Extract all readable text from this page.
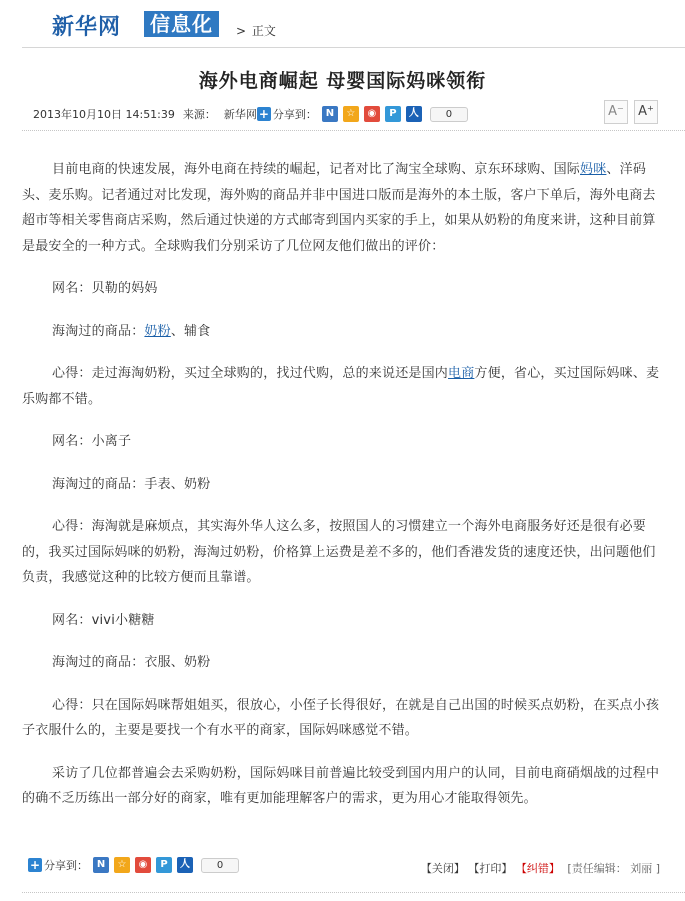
新华网	信息化	> 正文
海外电商崛起 母婴国际妈咪领衔
2013年10月10日 14:51:39 来源： 新华网 + 分享到： N	☆	◉	P	人	0	A⁻	A⁺

目前电商的快速发展，海外电商在持续的崛起，记者对比了淘宝全球购、京东环球购、国际妈咪、洋码头、麦乐购。记者通过对比发现，海外购的商品并非中国进口版而是海外的本土版，客户下单后，海外电商去超市等相关零售商店采购，然后通过快递的方式邮寄到国内买家的手上，如果从奶粉的角度来讲，这种目前算是最安全的一种方式。全球购我们分别采访了几位网友他们做出的评价：

网名：贝勒的妈妈

海淘过的商品：奶粉、辅食

心得：走过海淘奶粉，买过全球购的，找过代购，总的来说还是国内电商方便，省心，买过国际妈咪、麦乐购都不错。

网名：小离子

海淘过的商品：手表、奶粉

心得：海淘就是麻烦点，其实海外华人这么多，按照国人的习惯建立一个海外电商服务好还是很有必要的，我买过国际妈咪的奶粉，海淘过奶粉，价格算上运费是差不多的，他们香港发货的速度还快，出问题他们负责，我感觉这种的比较方便而且靠谱。

网名：vivi小糖糖

海淘过的商品：衣服、奶粉

心得：只在国际妈咪帮姐姐买，很放心，小侄子长得很好，在就是自己出国的时候买点奶粉，在买点小孩子衣服什么的，主要是要找一个有水平的商家，国际妈咪感觉不错。

采访了几位都普遍会去采购奶粉，国际妈咪目前普遍比较受到国内用户的认同，目前电商硝烟战的过程中的确不乏历练出一部分好的商家，唯有更加能理解客户的需求，更为用心才能取得领先。

+ 分享到： N	☆	◉	P	人	0	【关闭】 【打印】 【纠错】 [责任编辑： 刘丽 ]
